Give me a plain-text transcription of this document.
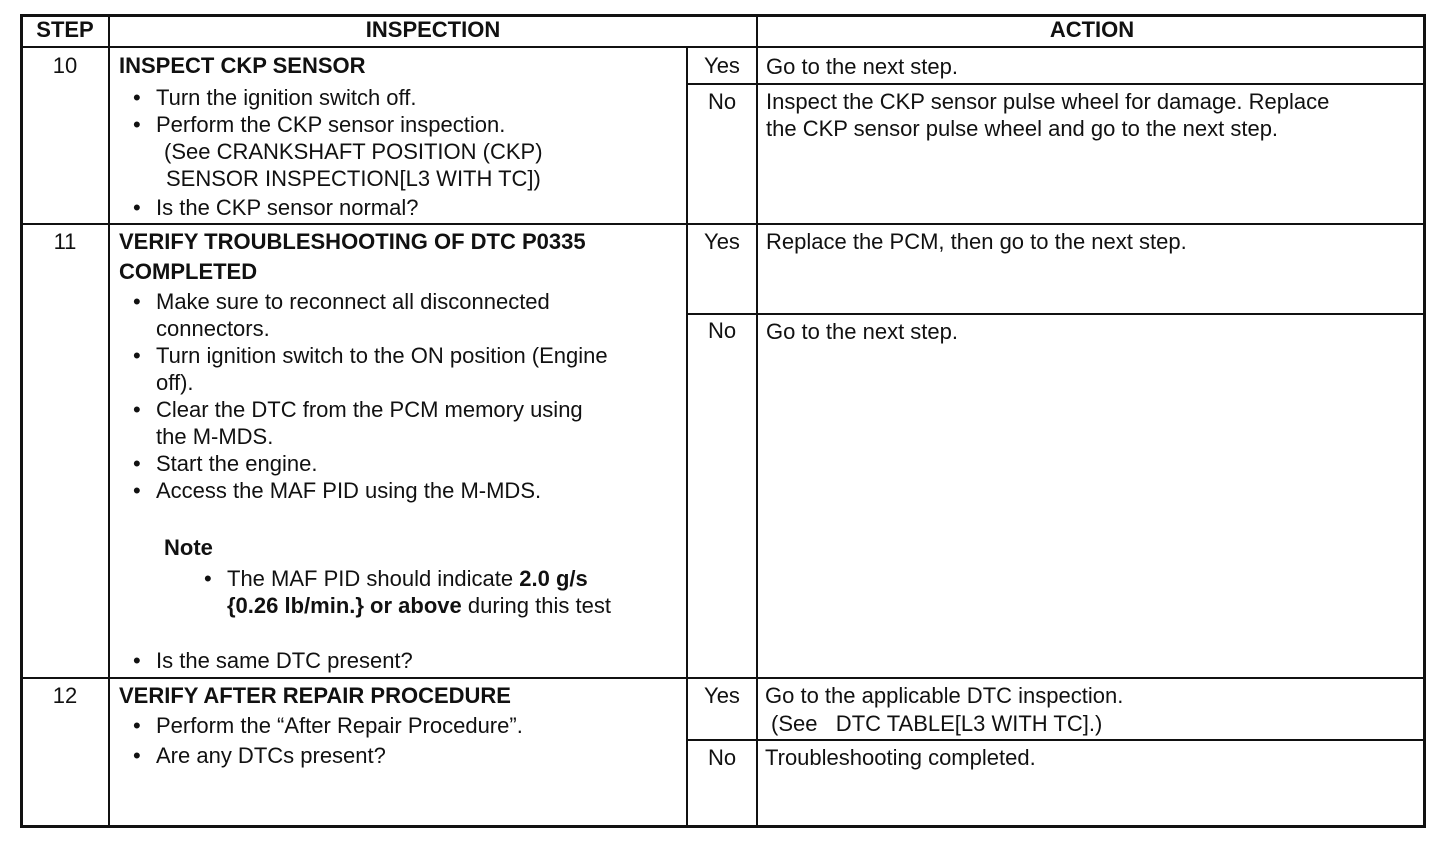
STEP	INSPECTION	ACTION
10	INSPECT CKP SENSOR
• Turn the ignition switch off.
• Perform the CKP sensor inspection.
(See CRANKSHAFT POSITION (CKP)
SENSOR INSPECTION[L3 WITH TC])
• Is the CKP sensor normal?
Yes	Go to the next step.
No	Inspect the CKP sensor pulse wheel for damage. Replace
the CKP sensor pulse wheel and go to the next step.
11	VERIFY TROUBLESHOOTING OF DTC P0335
COMPLETED
• Make sure to reconnect all disconnected
connectors.
• Turn ignition switch to the ON position (Engine
off).
• Clear the DTC from the PCM memory using
the M-MDS.
• Start the engine.
• Access the MAF PID using the M-MDS.
Note
• The MAF PID should indicate 2.0 g/s
{0.26 lb/min.} or above during this test
• Is the same DTC present?
Yes	Replace the PCM, then go to the next step.
No	Go to the next step.
12	VERIFY AFTER REPAIR PROCEDURE
• Perform the “After Repair Procedure”.
• Are any DTCs present?
Yes	Go to the applicable DTC inspection.
(See   DTC TABLE[L3 WITH TC].)
No	Troubleshooting completed.
